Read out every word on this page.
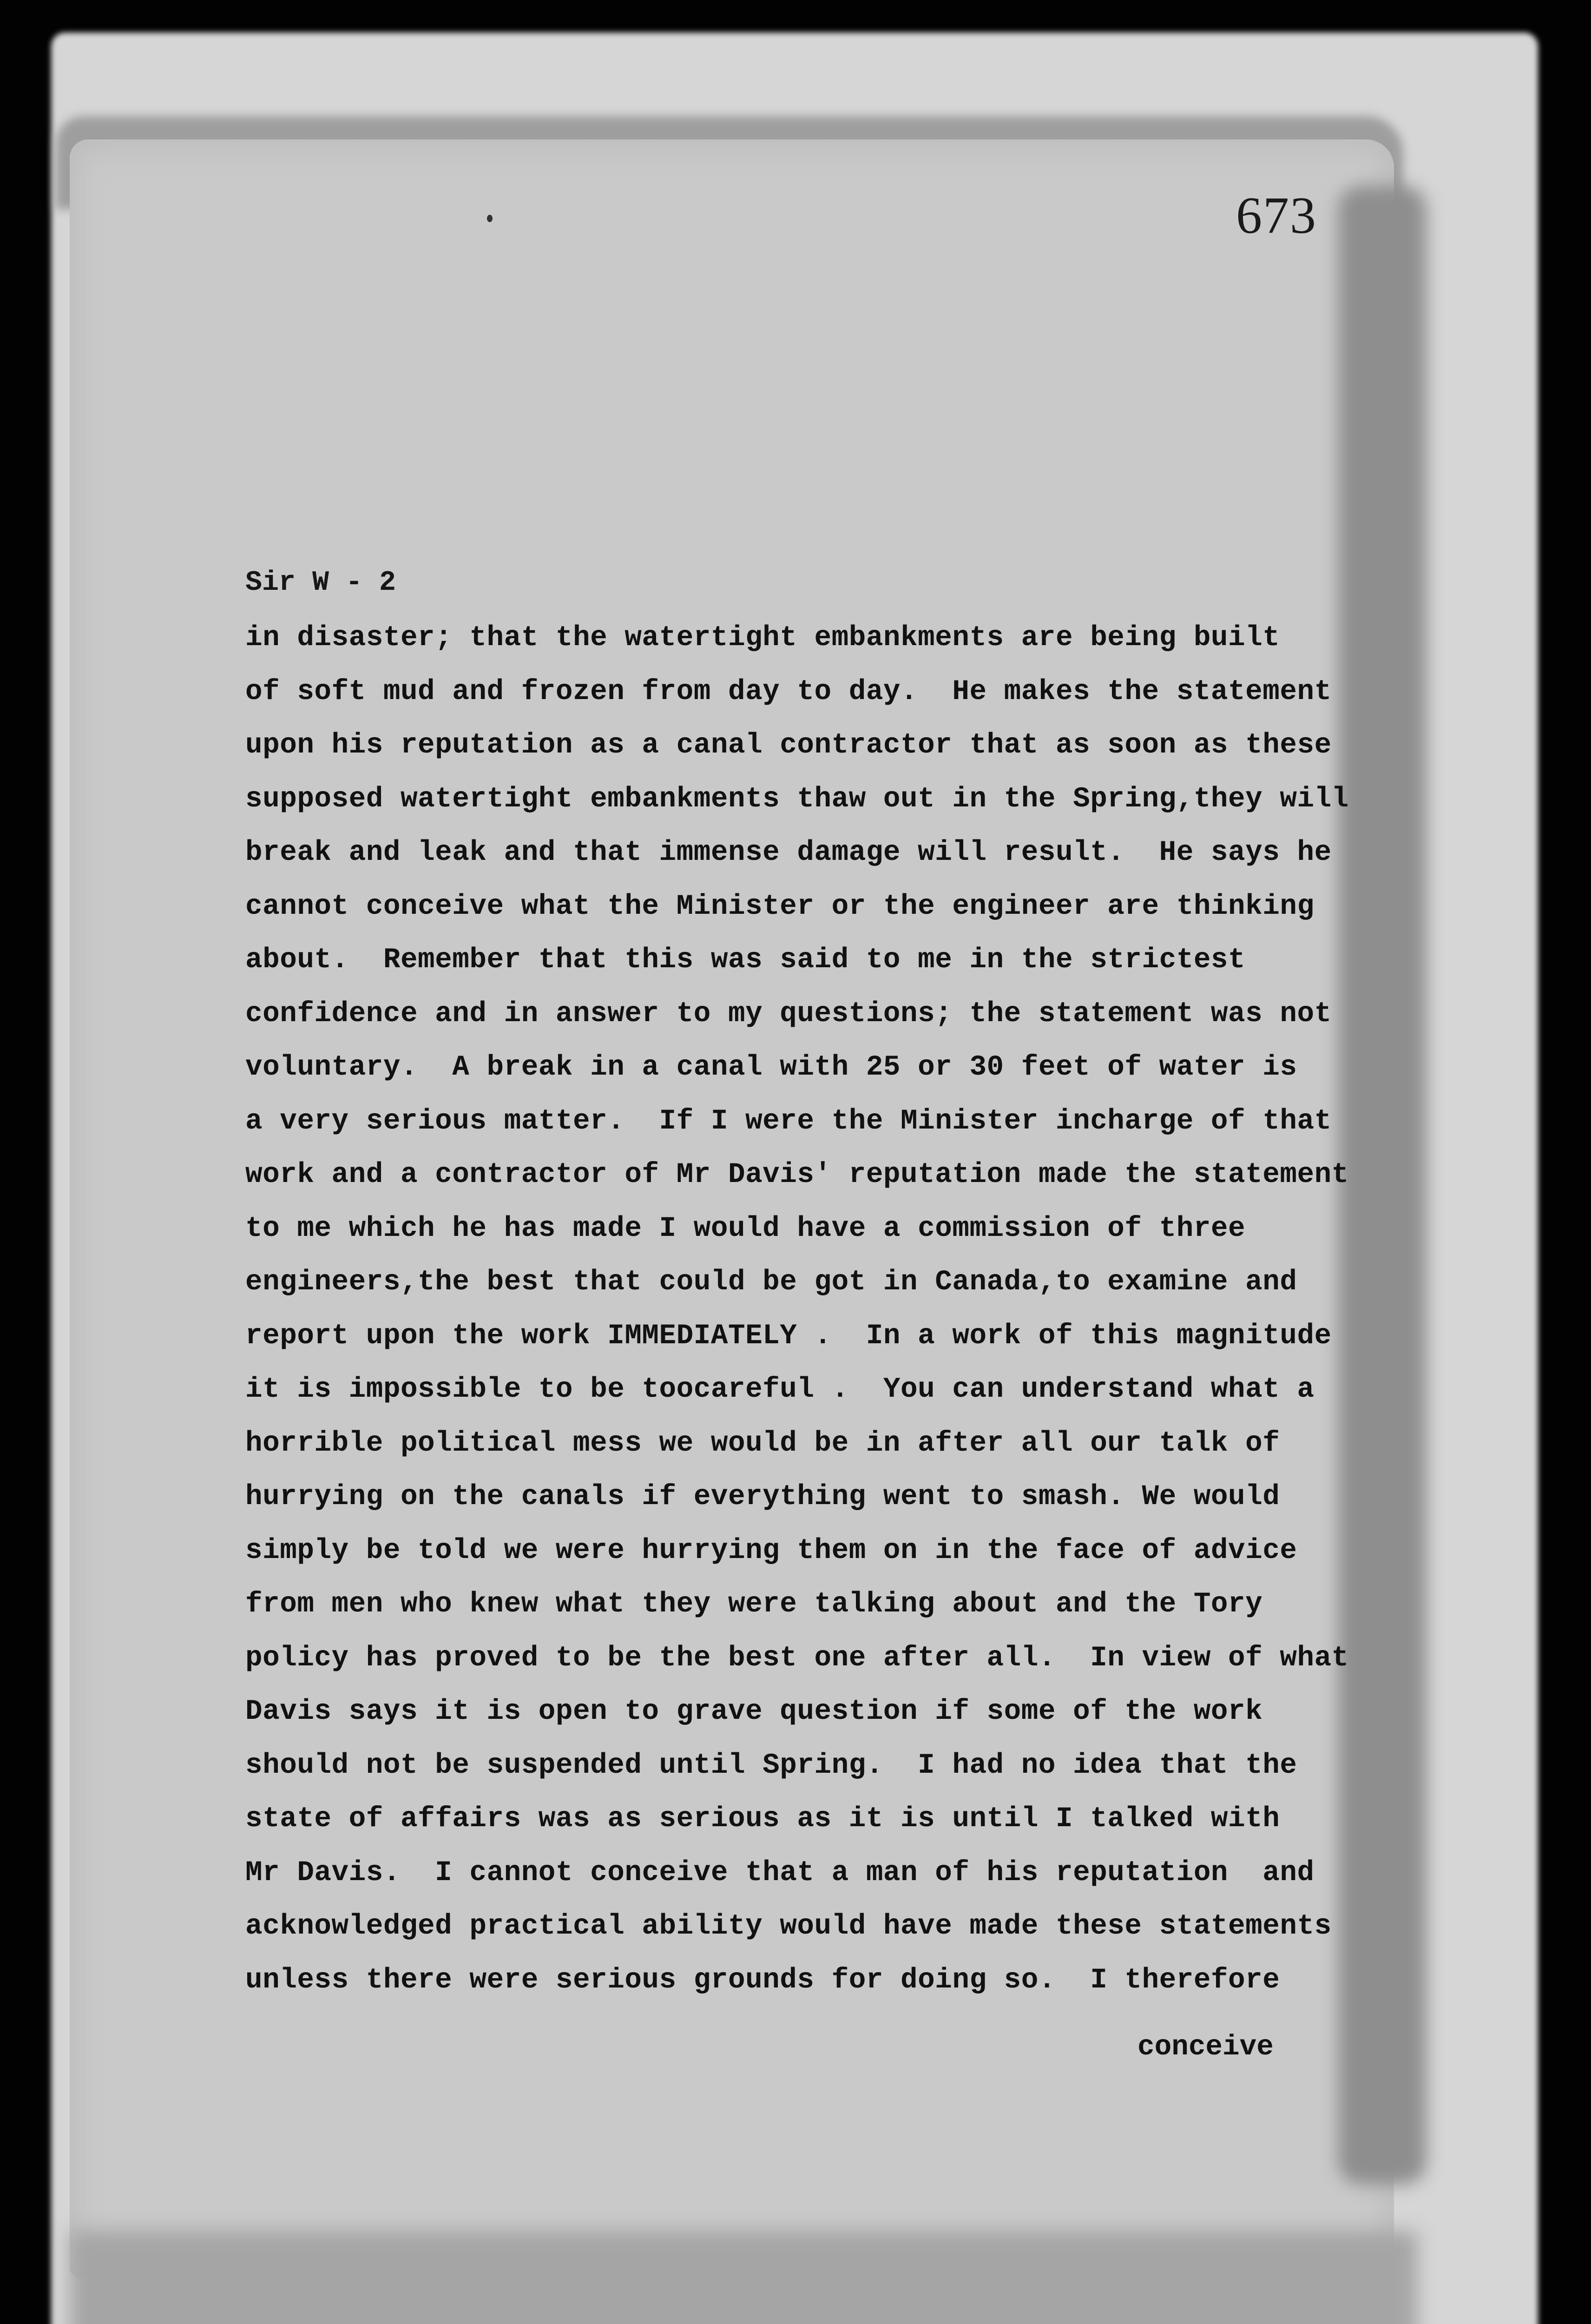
673
Sir W - 2
in disaster; that the watertight embankments are being built
of soft mud and frozen from day to day.  He makes the statement
upon his reputation as a canal contractor that as soon as these
supposed watertight embankments thaw out in the Spring,they will
break and leak and that immense damage will result.  He says he
cannot conceive what the Minister or the engineer are thinking
about.  Remember that this was said to me in the strictest
confidence and in answer to my questions; the statement was not
voluntary.  A break in a canal with 25 or 30 feet of water is
a very serious matter.  If I were the Minister incharge of that
work and a contractor of Mr Davis' reputation made the statement
to me which he has made I would have a commission of three
engineers,the best that could be got in Canada,to examine and
report upon the work IMMEDIATELY .  In a work of this magnitude
it is impossible to be toocareful .  You can understand what a
horrible political mess we would be in after all our talk of
hurrying on the canals if everything went to smash. We would
simply be told we were hurrying them on in the face of advice
from men who knew what they were talking about and the Tory
policy has proved to be the best one after all.  In view of what
Davis says it is open to grave question if some of the work
should not be suspended until Spring.  I had no idea that the
state of affairs was as serious as it is until I talked with
Mr Davis.  I cannot conceive that a man of his reputation  and
acknowledged practical ability would have made these statements
unless there were serious grounds for doing so.  I therefore
conceive
